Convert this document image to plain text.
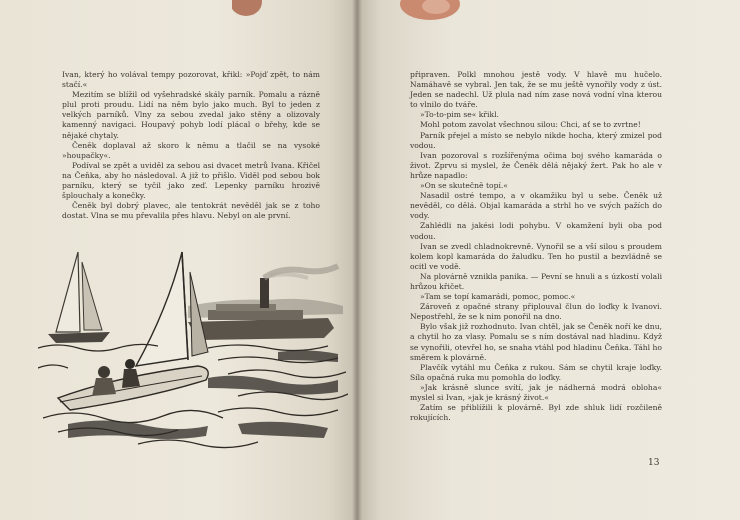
Ivan, který ho volával tempy pozorovat, křikl: »Pojď zpět, to nám stačí.«

Mezitím se blížil od vyšehradské skály parník. Pomalu a rázně plul proti proudu. Lidí na něm bylo jako much. Byl to jeden z velkých parníků. Vlny za sebou zvedal jako stěny a olizovaly kamenný navigaci. Houpavý pohyb lodí plácal o břehy, kde se nějaké chytaly.

Čeněk doplaval až skoro k němu a tlačil se na vysoké »houpačky«.

Podíval se zpět a uviděl za sebou asi dvacet metrů Ivana. Křičel na Čeňka, aby ho následoval. A již to přišlo. Viděl pod sebou bok parníku, který se tyčil jako zeď. Lepenky parníku hrozivě šplouchaly a konečky.

Čeněk byl dobrý plavec, ale tentokrát nevěděl jak se z toho dostat. Vlna se mu převalila přes hlavu. Nebyl on ale první.

připraven. Polkl mnohou jestě vody. V hlavě mu hučelo. Namáhavě se vybral. Jen tak, že se mu ještě vynořily vody z úst. Jeden se nadechl. Už plula nad ním zase nová vodní vlna kterou to vlnilo do tváře.

»To-to-pim se« křikl.

Mohl potom zavolat všechnou silou: Chci, ať se to zvrtne!

Parník přejel a místo se nebylo nikde hocha, který zmizel pod vodou.

Ivan pozoroval s rozšířenýma očima boj svého kamaráda o život. Zprvu si myslel, že Čeněk dělá nějaký žert. Pak ho ale v hrůze napadlo:

»On se skutečně topí.«

Nasadil ostré tempo, a v okamžiku byl u sebe. Čeněk už nevěděl, co dělá. Objal kamaráda a strhl ho ve svých pažích do vody.

Zahlédli na jakési lodi pohybu. V okamžení byli oba pod vodou.

Ivan se zvedl chladnokrevně. Vynořil se a vší silou s proudem kolem kopl kamaráda do žaludku. Ten ho pustil a bezvládně se ocitl ve vodě.

Na plovárně vznikla panika. — Pevní se hnuli a s úzkostí volali hrůzou křičet.

»Tam se topí kamarádi, pomoc, pomoc.«

Zároveň z opačné strany připlouval člun do loďky k Ivanovi. Nepostřehl, že se k nim ponořil na dno.

Bylo však již rozhodnuto. Ivan chtěl, jak se Čeněk noří ke dnu, a chytil ho za vlasy. Pomalu se s ním dostával nad hladinu. Když se vynořili, otevřel ho, se snaha vtáhl pod hladinu Čeňka. Táhl ho směrem k plovárně.

Plavčík vytáhl mu Čeňka z rukou. Sám se chytil kraje loďky. Síla opačná ruka mu pomohla do loďky.

»Jak krásně slunce svítí, jak je nádherná modrá obloha« myslel si Ivan, »jak je krásný život.«

Zatím se přiblížili k plovárně. Byl zde shluk lidí rozčileně rokujících.

13
